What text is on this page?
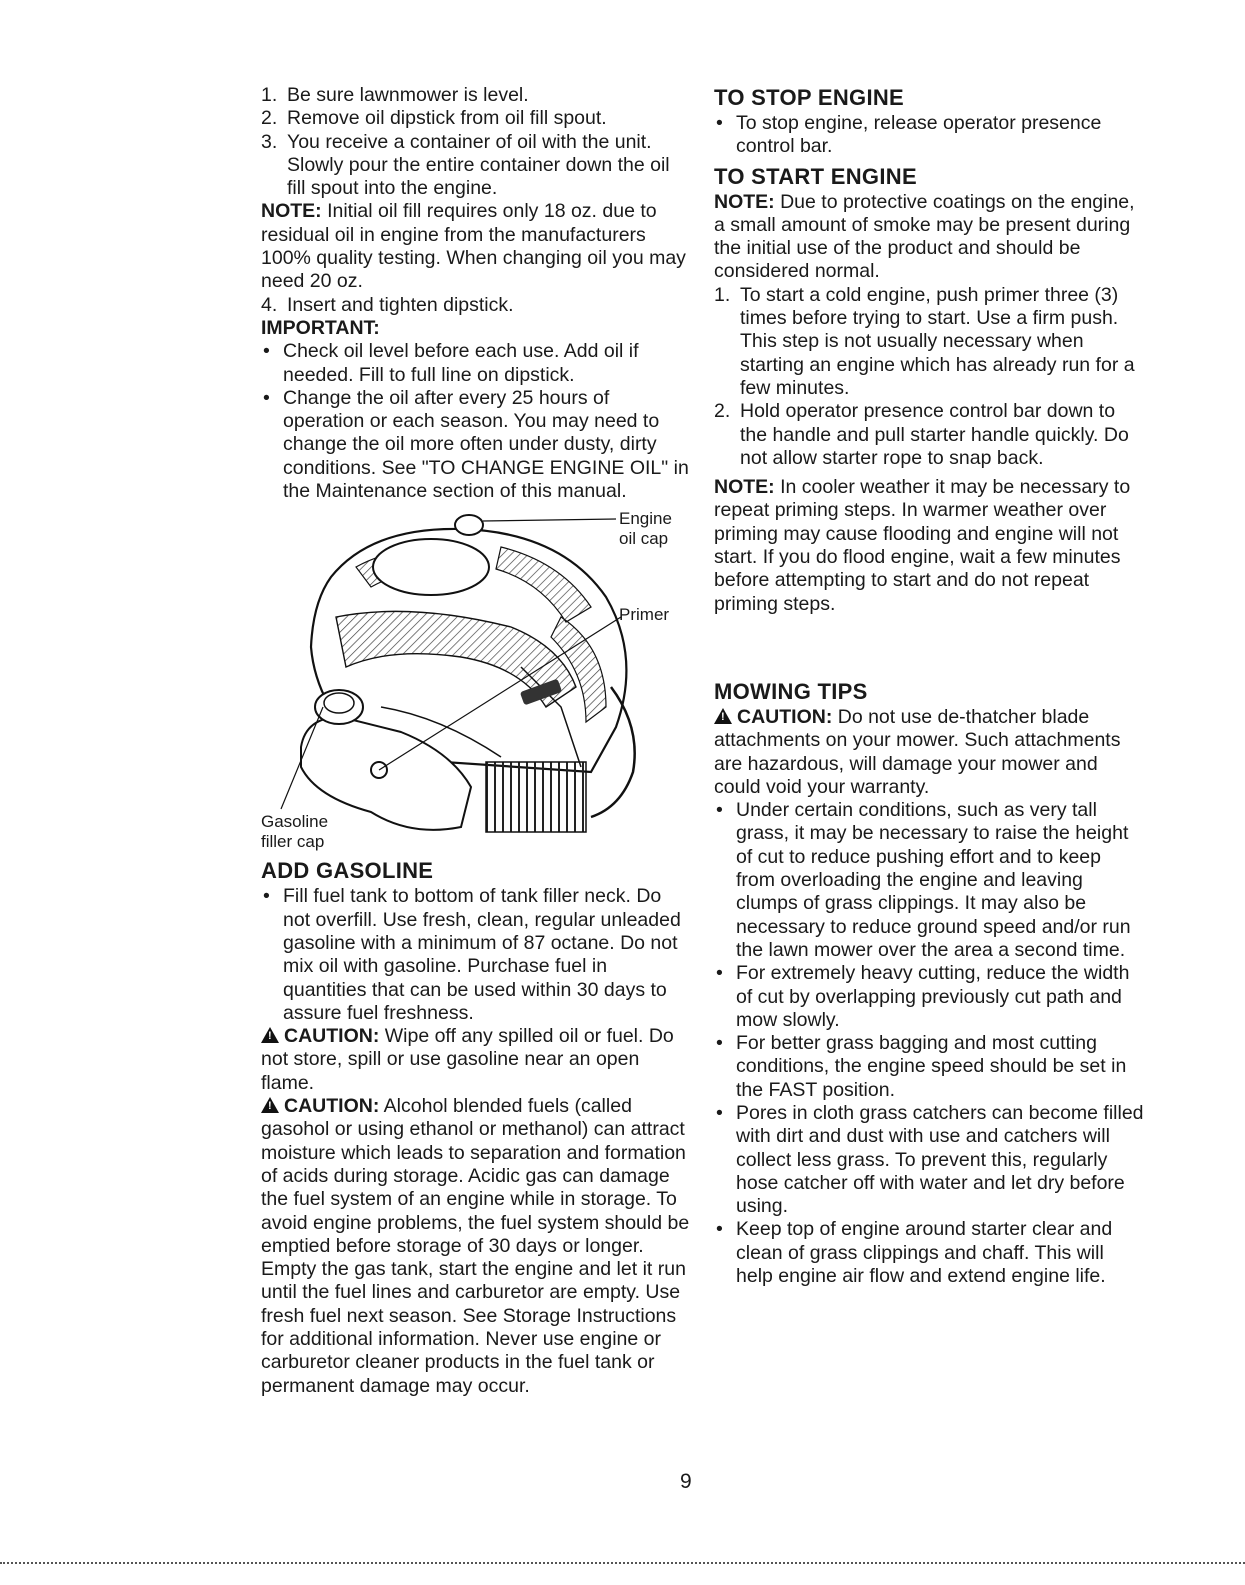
1. Be sure lawnmower is level.
2. Remove oil dipstick from oil fill spout.
3. You receive a container of oil with the unit. Slowly pour the entire container down the oil fill spout into the engine.
NOTE: Initial oil fill requires only 18 oz. due to residual oil in engine from the manufacturers 100% quality testing. When changing oil you may need 20 oz.
4. Insert and tighten dipstick.
IMPORTANT:
• Check oil level before each use. Add oil if needed. Fill to full line on dipstick.
• Change the oil after every 25 hours of operation or each season. You may need to change the oil more often under dusty, dirty conditions. See "TO CHANGE ENGINE OIL" in the Maintenance section of this manual.
Engine oil cap
Primer
Gasoline filler cap
ADD GASOLINE
• Fill fuel tank to bottom of tank filler neck. Do not overfill. Use fresh, clean, regular unleaded gasoline with a minimum of 87 octane. Do not mix oil with gasoline. Purchase fuel in quantities that can be used within 30 days to assure fuel freshness.
!CAUTION: Wipe off any spilled oil or fuel. Do not store, spill or use gasoline near an open flame.
!CAUTION: Alcohol blended fuels (called gasohol or using ethanol or methanol) can attract moisture which leads to separation and formation of acids during storage. Acidic gas can damage the fuel system of an engine while in storage. To avoid engine problems, the fuel system should be emptied before storage of 30 days or longer. Empty the gas tank, start the engine and let it run until the fuel lines and carburetor are empty. Use fresh fuel next season. See Storage Instructions for additional information. Never use engine or carburetor cleaner products in the fuel tank or permanent damage may occur.
TO STOP ENGINE
• To stop engine, release operator presence control bar.
TO START ENGINE
NOTE: Due to protective coatings on the engine, a small amount of smoke may be present during the initial use of the product and should be considered normal.
1. To start a cold engine, push primer three (3) times before trying to start. Use a firm push. This step is not usually necessary when starting an engine which has already run for a few minutes.
2. Hold operator presence control bar down to the handle and pull starter handle quickly. Do not allow starter rope to snap back.
NOTE: In cooler weather it may be necessary to repeat priming steps. In warmer weather over priming may cause flooding and engine will not start. If you do flood engine, wait a few minutes before attempting to start and do not repeat priming steps.
MOWING TIPS
!CAUTION: Do not use de-thatcher blade attachments on your mower. Such attachments are hazardous, will damage your mower and could void your warranty.
• Under certain conditions, such as very tall grass, it may be necessary to raise the height of cut to reduce pushing effort and to keep from overloading the engine and leaving clumps of grass clippings. It may also be necessary to reduce ground speed and/or run the lawn mower over the area a second time.
• For extremely heavy cutting, reduce the width of cut by overlapping previously cut path and mow slowly.
• For better grass bagging and most cutting conditions, the engine speed should be set in the FAST position.
• Pores in cloth grass catchers can become filled with dirt and dust with use and catchers will collect less grass. To prevent this, regularly hose catcher off with water and let dry before using.
• Keep top of engine around starter clear and clean of grass clippings and chaff. This will help engine air flow and extend engine life.
9
